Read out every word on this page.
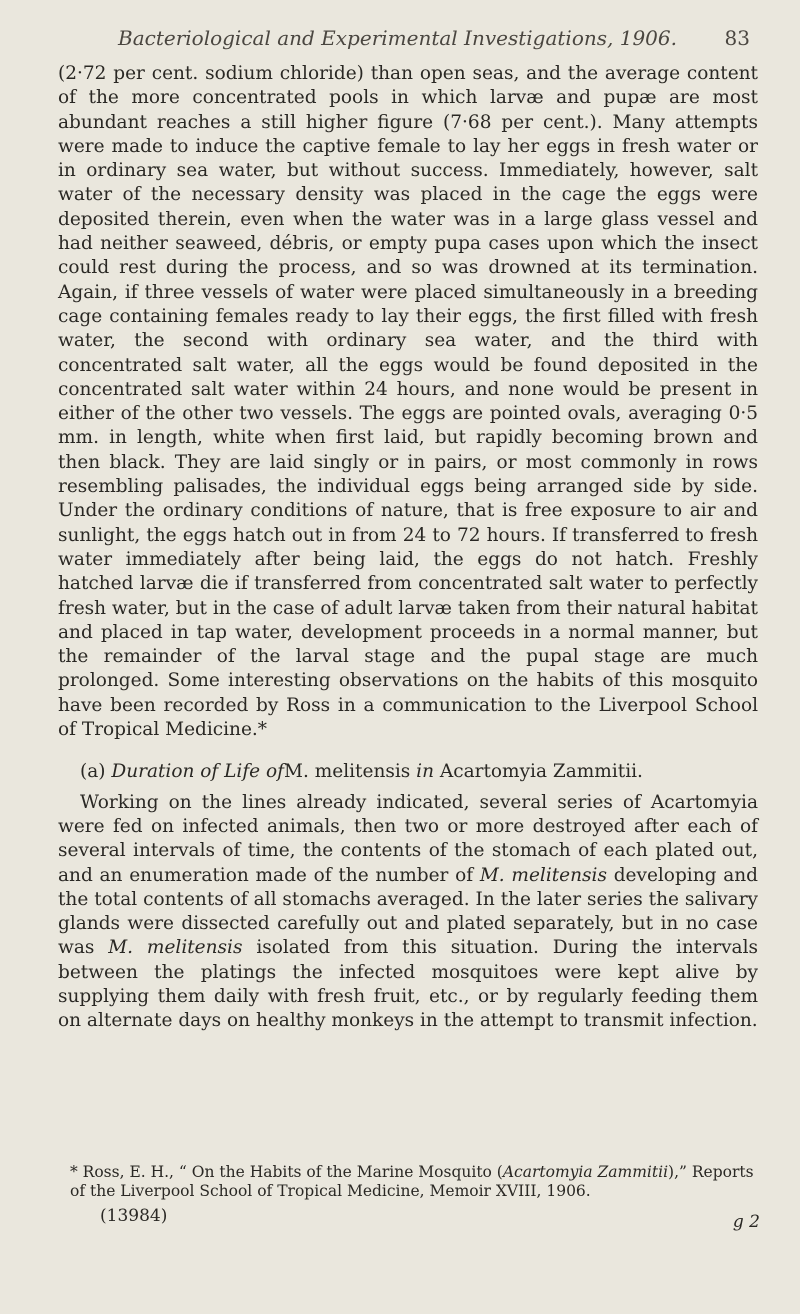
Bacteriological and Experimental Investigations, 1906. 83

(2·72 per cent. sodium chloride) than open seas, and the average content of the more concentrated pools in which larvæ and pupæ are most abundant reaches a still higher figure (7·68 per cent.). Many attempts were made to induce the captive female to lay her eggs in fresh water or in ordinary sea water, but without success. Immediately, however, salt water of the necessary density was placed in the cage the eggs were deposited therein, even when the water was in a large glass vessel and had neither seaweed, débris, or empty pupa cases upon which the insect could rest during the process, and so was drowned at its termination. Again, if three vessels of water were placed simultaneously in a breeding cage containing females ready to lay their eggs, the first filled with fresh water, the second with ordinary sea water, and the third with concentrated salt water, all the eggs would be found deposited in the concentrated salt water within 24 hours, and none would be present in either of the other two vessels. The eggs are pointed ovals, averaging 0·5 mm. in length, white when first laid, but rapidly becoming brown and then black. They are laid singly or in pairs, or most commonly in rows resembling palisades, the individual eggs being arranged side by side. Under the ordinary conditions of nature, that is free exposure to air and sunlight, the eggs hatch out in from 24 to 72 hours. If transferred to fresh water immediately after being laid, the eggs do not hatch. Freshly hatched larvæ die if transferred from concentrated salt water to perfectly fresh water, but in the case of adult larvæ taken from their natural habitat and placed in tap water, development proceeds in a normal manner, but the remainder of the larval stage and the pupal stage are much prolonged. Some interesting observations on the habits of this mosquito have been recorded by Ross in a communication to the Liverpool School of Tropical Medicine.*

(a) Duration of Life ofM. melitensis in Acartomyia Zammitii.

Working on the lines already indicated, several series of Acartomyia were fed on infected animals, then two or more destroyed after each of several intervals of time, the contents of the stomach of each plated out, and an enumeration made of the number of M. melitensis developing and the total contents of all stomachs averaged. In the later series the salivary glands were dissected carefully out and plated separately, but in no case was M. melitensis isolated from this situation. During the intervals between the platings the infected mosquitoes were kept alive by supplying them daily with fresh fruit, etc., or by regularly feeding them on alternate days on healthy monkeys in the attempt to transmit infection.

* Ross, E. H., “ On the Habits of the Marine Mosquito (Acartomyia Zammitii),” Reports of the Liverpool School of Tropical Medicine, Memoir XVIII, 1906.

(13984)	g 2
